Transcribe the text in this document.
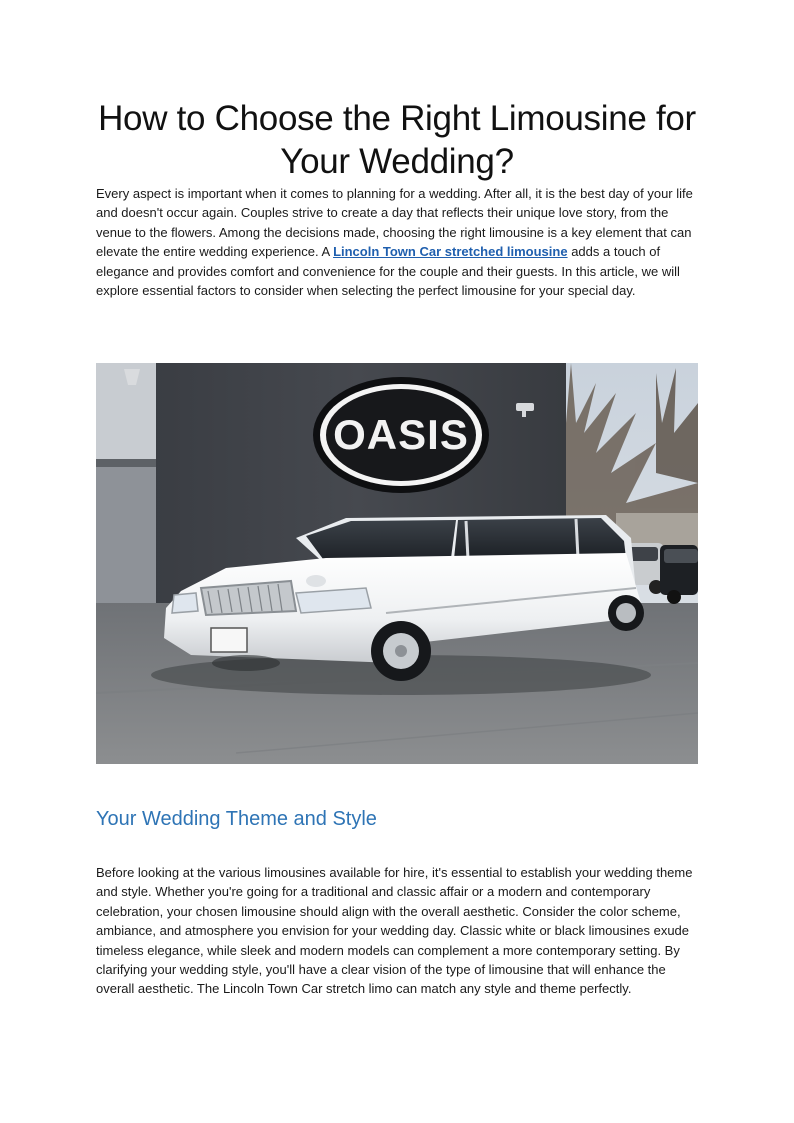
How to Choose the Right Limousine for Your Wedding?

Every aspect is important when it comes to planning for a wedding. After all, it is the best day of your life and doesn't occur again. Couples strive to create a day that reflects their unique love story, from the venue to the flowers. Among the decisions made, choosing the right limousine is a key element that can elevate the entire wedding experience. A Lincoln Town Car stretched limousine adds a touch of elegance and provides comfort and convenience for the couple and their guests. In this article, we will explore essential factors to consider when selecting the perfect limousine for your special day.

OASIS
Your Wedding Theme and Style

Before looking at the various limousines available for hire, it's essential to establish your wedding theme and style. Whether you're going for a traditional and classic affair or a modern and contemporary celebration, your chosen limousine should align with the overall aesthetic. Consider the color scheme, ambiance, and atmosphere you envision for your wedding day. Classic white or black limousines exude timeless elegance, while sleek and modern models can complement a more contemporary setting. By clarifying your wedding style, you'll have a clear vision of the type of limousine that will enhance the overall aesthetic. The Lincoln Town Car stretch limo can match any style and theme perfectly.
